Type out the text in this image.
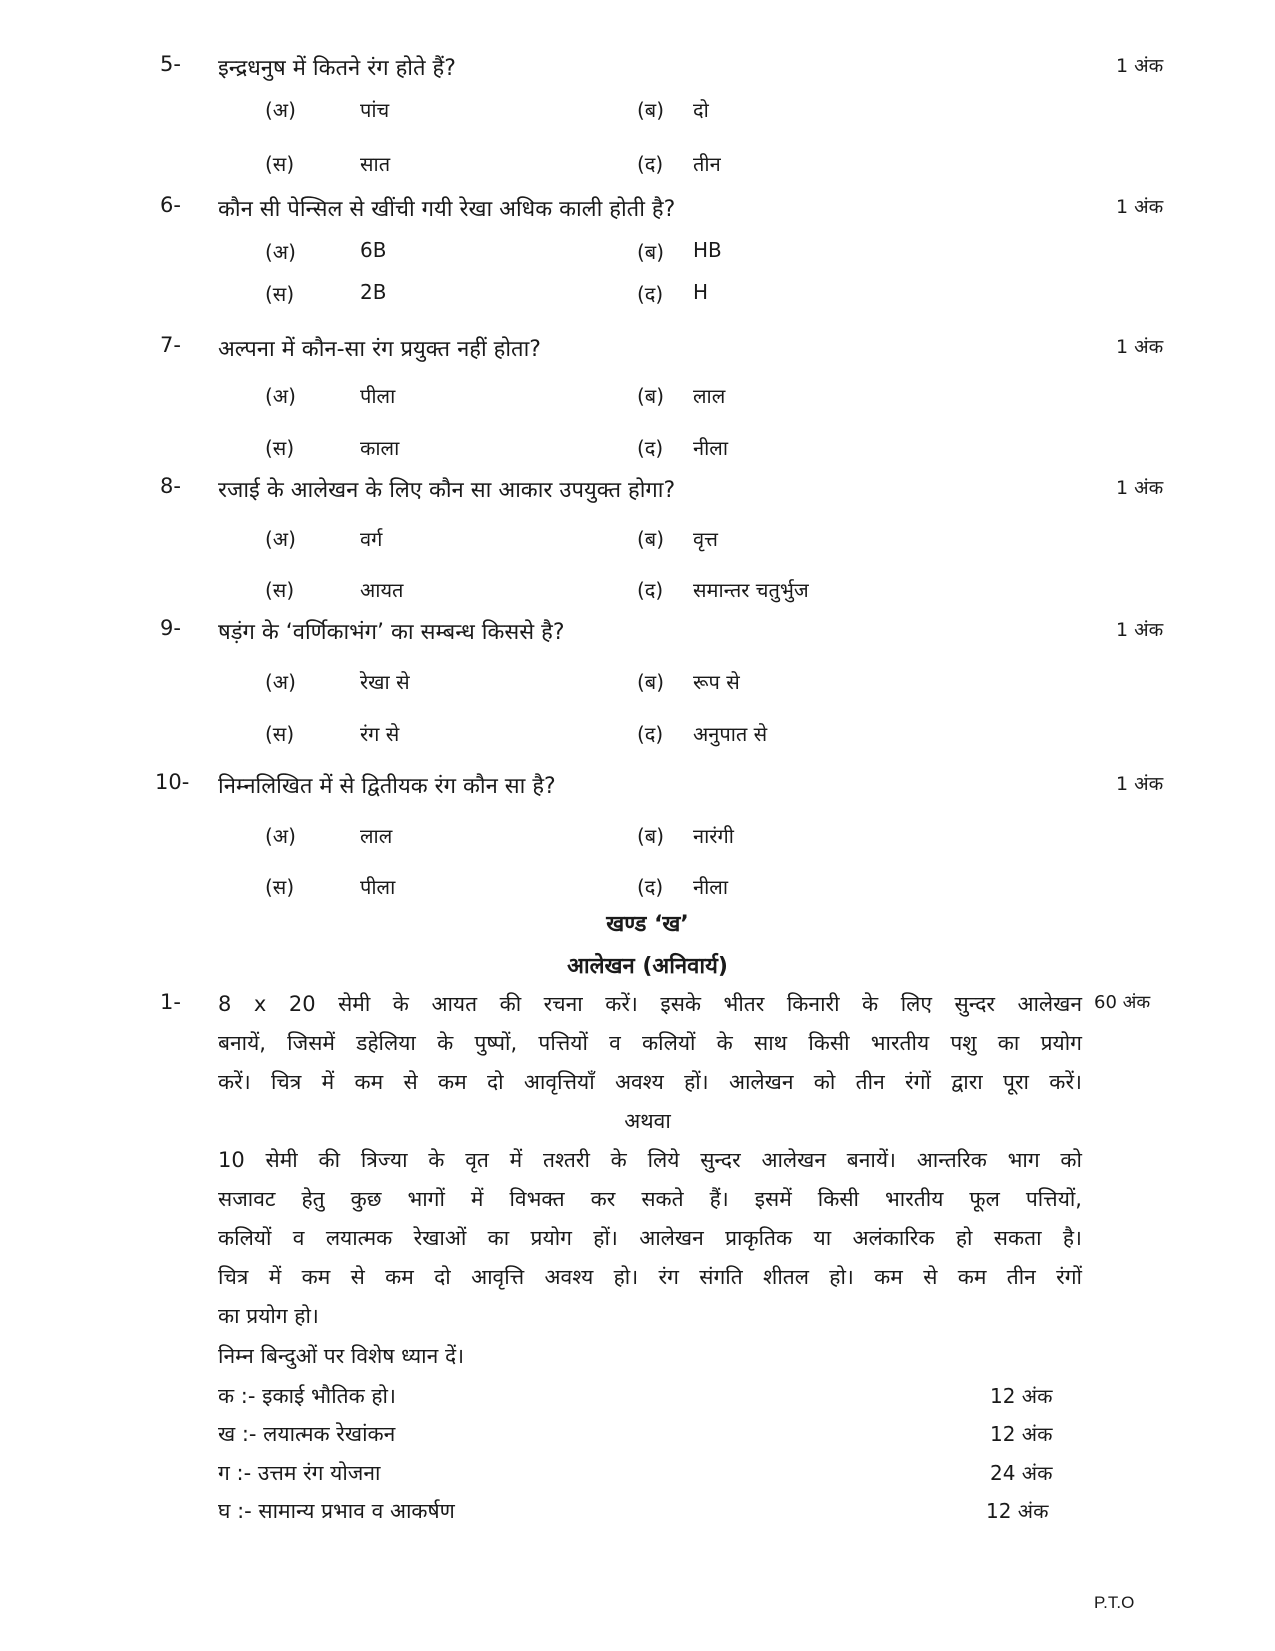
5- इन्द्रधनुष में कितने रंग होते हैं?	1 अंक
(अ)	पांच	(ब) दो
(स)	सात	(द) तीन
6- कौन सी पेन्सिल से खींची गयी रेखा अधिक काली होती है?	1 अंक
(अ)	6B	(ब) HB
(स)	2B	(द) H
7- अल्पना में कौन-सा रंग प्रयुक्त नहीं होता?	1 अंक
(अ)	पीला	(ब) लाल
(स)	काला	(द) नीला
8- रजाई के आलेखन के लिए कौन सा आकार उपयुक्त होगा?	1 अंक
(अ)	वर्ग	(ब) वृत्त
(स)	आयत	(द) समान्तर चतुर्भुज
9- षड़ंग के ‘वर्णिकाभंग’ का सम्बन्ध किससे है?	1 अंक
(अ)	रेखा से	(ब) रूप से
(स)	रंग से	(द) अनुपात से
10- निम्नलिखित में से द्वितीयक रंग कौन सा है?	1 अंक
(अ)	लाल	(ब) नारंगी
(स)	पीला	(द) नीला
खण्ड ‘ख’
आलेखन (अनिवार्य)
1-	60 अंक
8 x 20 सेमी के आयत की रचना करें। इसके भीतर किनारी के लिए सुन्दर आलेखन
बनायें, जिसमें डहेलिया के पुष्पों, पत्तियों व कलियों के साथ किसी भारतीय पशु का प्रयोग
करें। चित्र में कम से कम दो आवृत्तियाँ अवश्य हों। आलेखन को तीन रंगों द्वारा पूरा करें।
अथवा
10 सेमी की त्रिज्या के वृत में तश्तरी के लिये सुन्दर आलेखन बनायें। आन्तरिक भाग को
सजावट हेतु कुछ भागों में विभक्त कर सकते हैं। इसमें किसी भारतीय फूल पत्तियों,
कलियों व लयात्मक रेखाओं का प्रयोग हों। आलेखन प्राकृतिक या अलंकारिक हो सकता है।
चित्र में कम से कम दो आवृत्ति अवश्य हो। रंग संगति शीतल हो। कम से कम तीन रंगों
का प्रयोग हो।
निम्न बिन्दुओं पर विशेष ध्यान दें।
क :- इकाई भौतिक हो।	12 अंक
ख :- लयात्मक रेखांकन	12 अंक
ग :- उत्तम रंग योजना	24 अंक
घ :- सामान्य प्रभाव व आकर्षण	12 अंक
P.T.O
